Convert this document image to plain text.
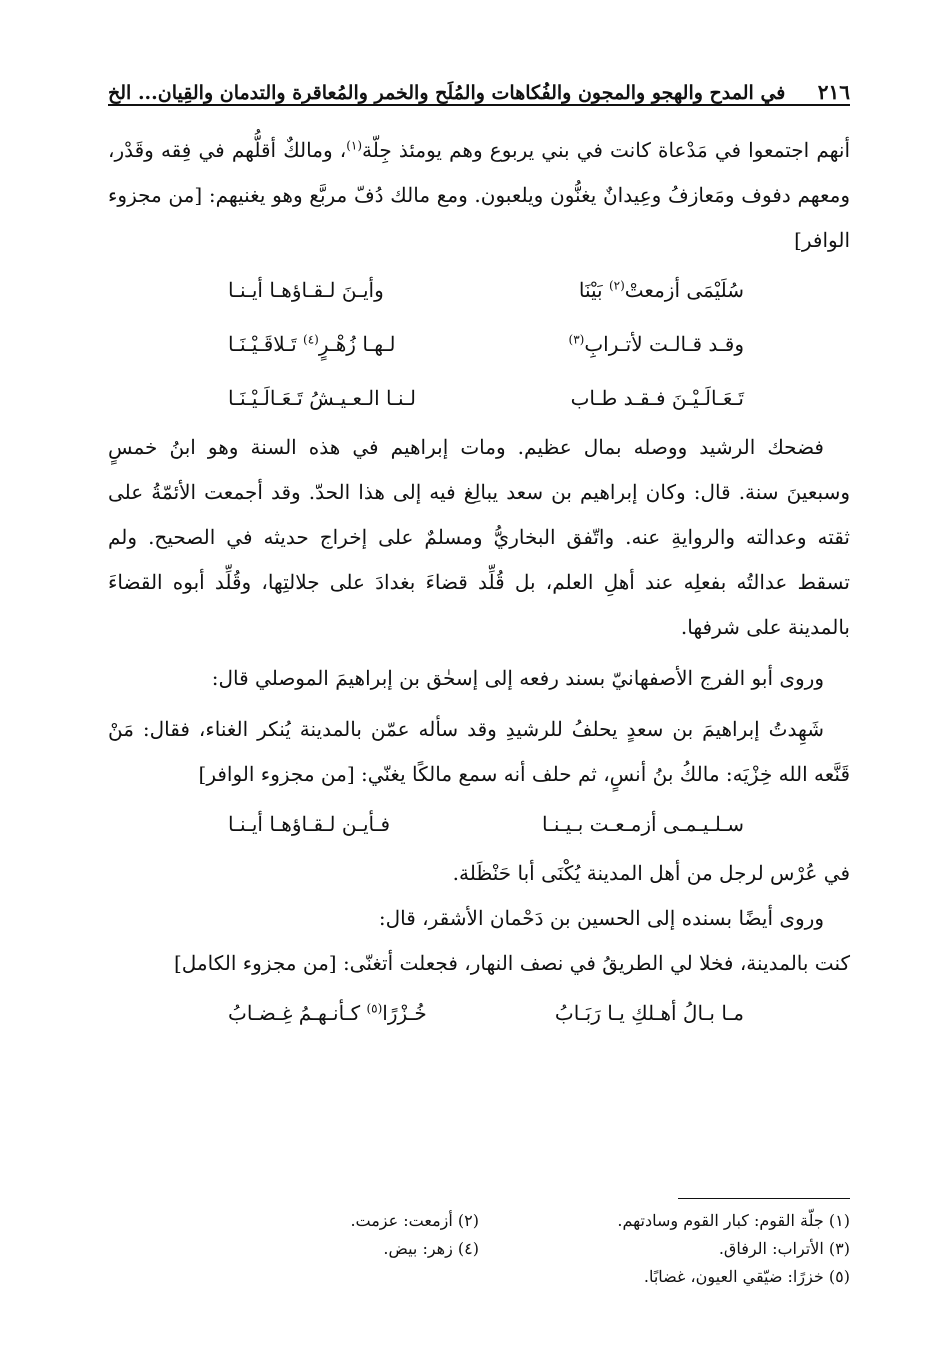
٢١٦
في المدح والهجو والمجون والفُكاهات والمُلَح والخمر والمُعاقرة والتدمان والقِيان... الخ

أنهم اجتمعوا في مَدْعاة كانت في بني يربوع وهم يومئذ جِلّة$^{(١)}$، ومالكٌ أقلُّهم في فِقه وقَدْر، ومعهم دفوف ومَعازفُ وعِيدانٌ يغنُّون ويلعبون. ومع مالك دُفّ مربَّع وهو يغنيهم: [من مجزوء الوافر]

سُلَيْمَى أزمعتْ$^{(٢)}$ بَيْنَا
وأيـنَ لـقـاؤهـا أيـنـا
وقـد قـالـت لأتـرابِ$^{(٣)}$
لـهـا زُهْـرٍ$^{(٤)}$ تَـلاقَـيْـنَـا
تَـعَـالَـيْـنَ فـقـد طـاب
لـنـا الـعـيـشُ تَـعَـالَـيْـنَـا

فضحك الرشيد ووصله بمال عظيم. ومات إبراهيم في هذه السنة وهو ابنُ خمسٍ وسبعينَ سنة. قال: وكان إبراهيم بن سعد يبالِغ فيه إلى هذا الحدّ. وقد أجمعت الأئمّةُ على ثقته وعدالته والروايةِ عنه. واتّفق البخاريُّ ومسلمٌ على إخراج حديثه في الصحيح. ولم تسقط عدالتُه بفعلِه عند أهلِ العلم، بل قُلِّد قضاءَ بغدادَ على جلالتِها، وقُلِّد أبوه القضاءَ بالمدينة على شرفها.

وروى أبو الفرج الأصفهانيّ بسند رفعه إلى إسحٰق بن إبراهيمَ الموصلي قال:

شَهِدتُ إبراهيمَ بن سعدٍ يحلفُ للرشيدِ وقد سأله عمّن بالمدينة يُنكر الغناء، فقال: مَنْ قَنَّعه الله خِزْيَه: مالكُ بنُ أنسٍ، ثم حلف أنه سمع مالكًا يغنّي: [من مجزوء الوافر]

سـلـيـمـى أزمـعـت بـيـنـا
فـأيـن لـقـاؤهـا أيـنـا

في عُرْس لرجل من أهل المدينة يُكْنَى أبا حَنْظَلة.

وروى أيضًا بسنده إلى الحسين بن دَحْمان الأشقر، قال:

كنت بالمدينة، فخلا لي الطريقُ في نصف النهار، فجعلت أتغنّى: [من مجزوء الكامل]

مـا بـالُ أهـلكِ يـا رَبَـابُ
خُـزْرًا$^{(٥)}$ كـأنـهـمُ غِـضـابُ
(١) جلّة القوم: كبار القوم وسادتهم.
(٢) أزمعت: عزمت.
(٣) الأتراب: الرفاق.
(٤) زهر: بيض.
(٥) خزرًا: ضيّقي العيون، غضابًا.
